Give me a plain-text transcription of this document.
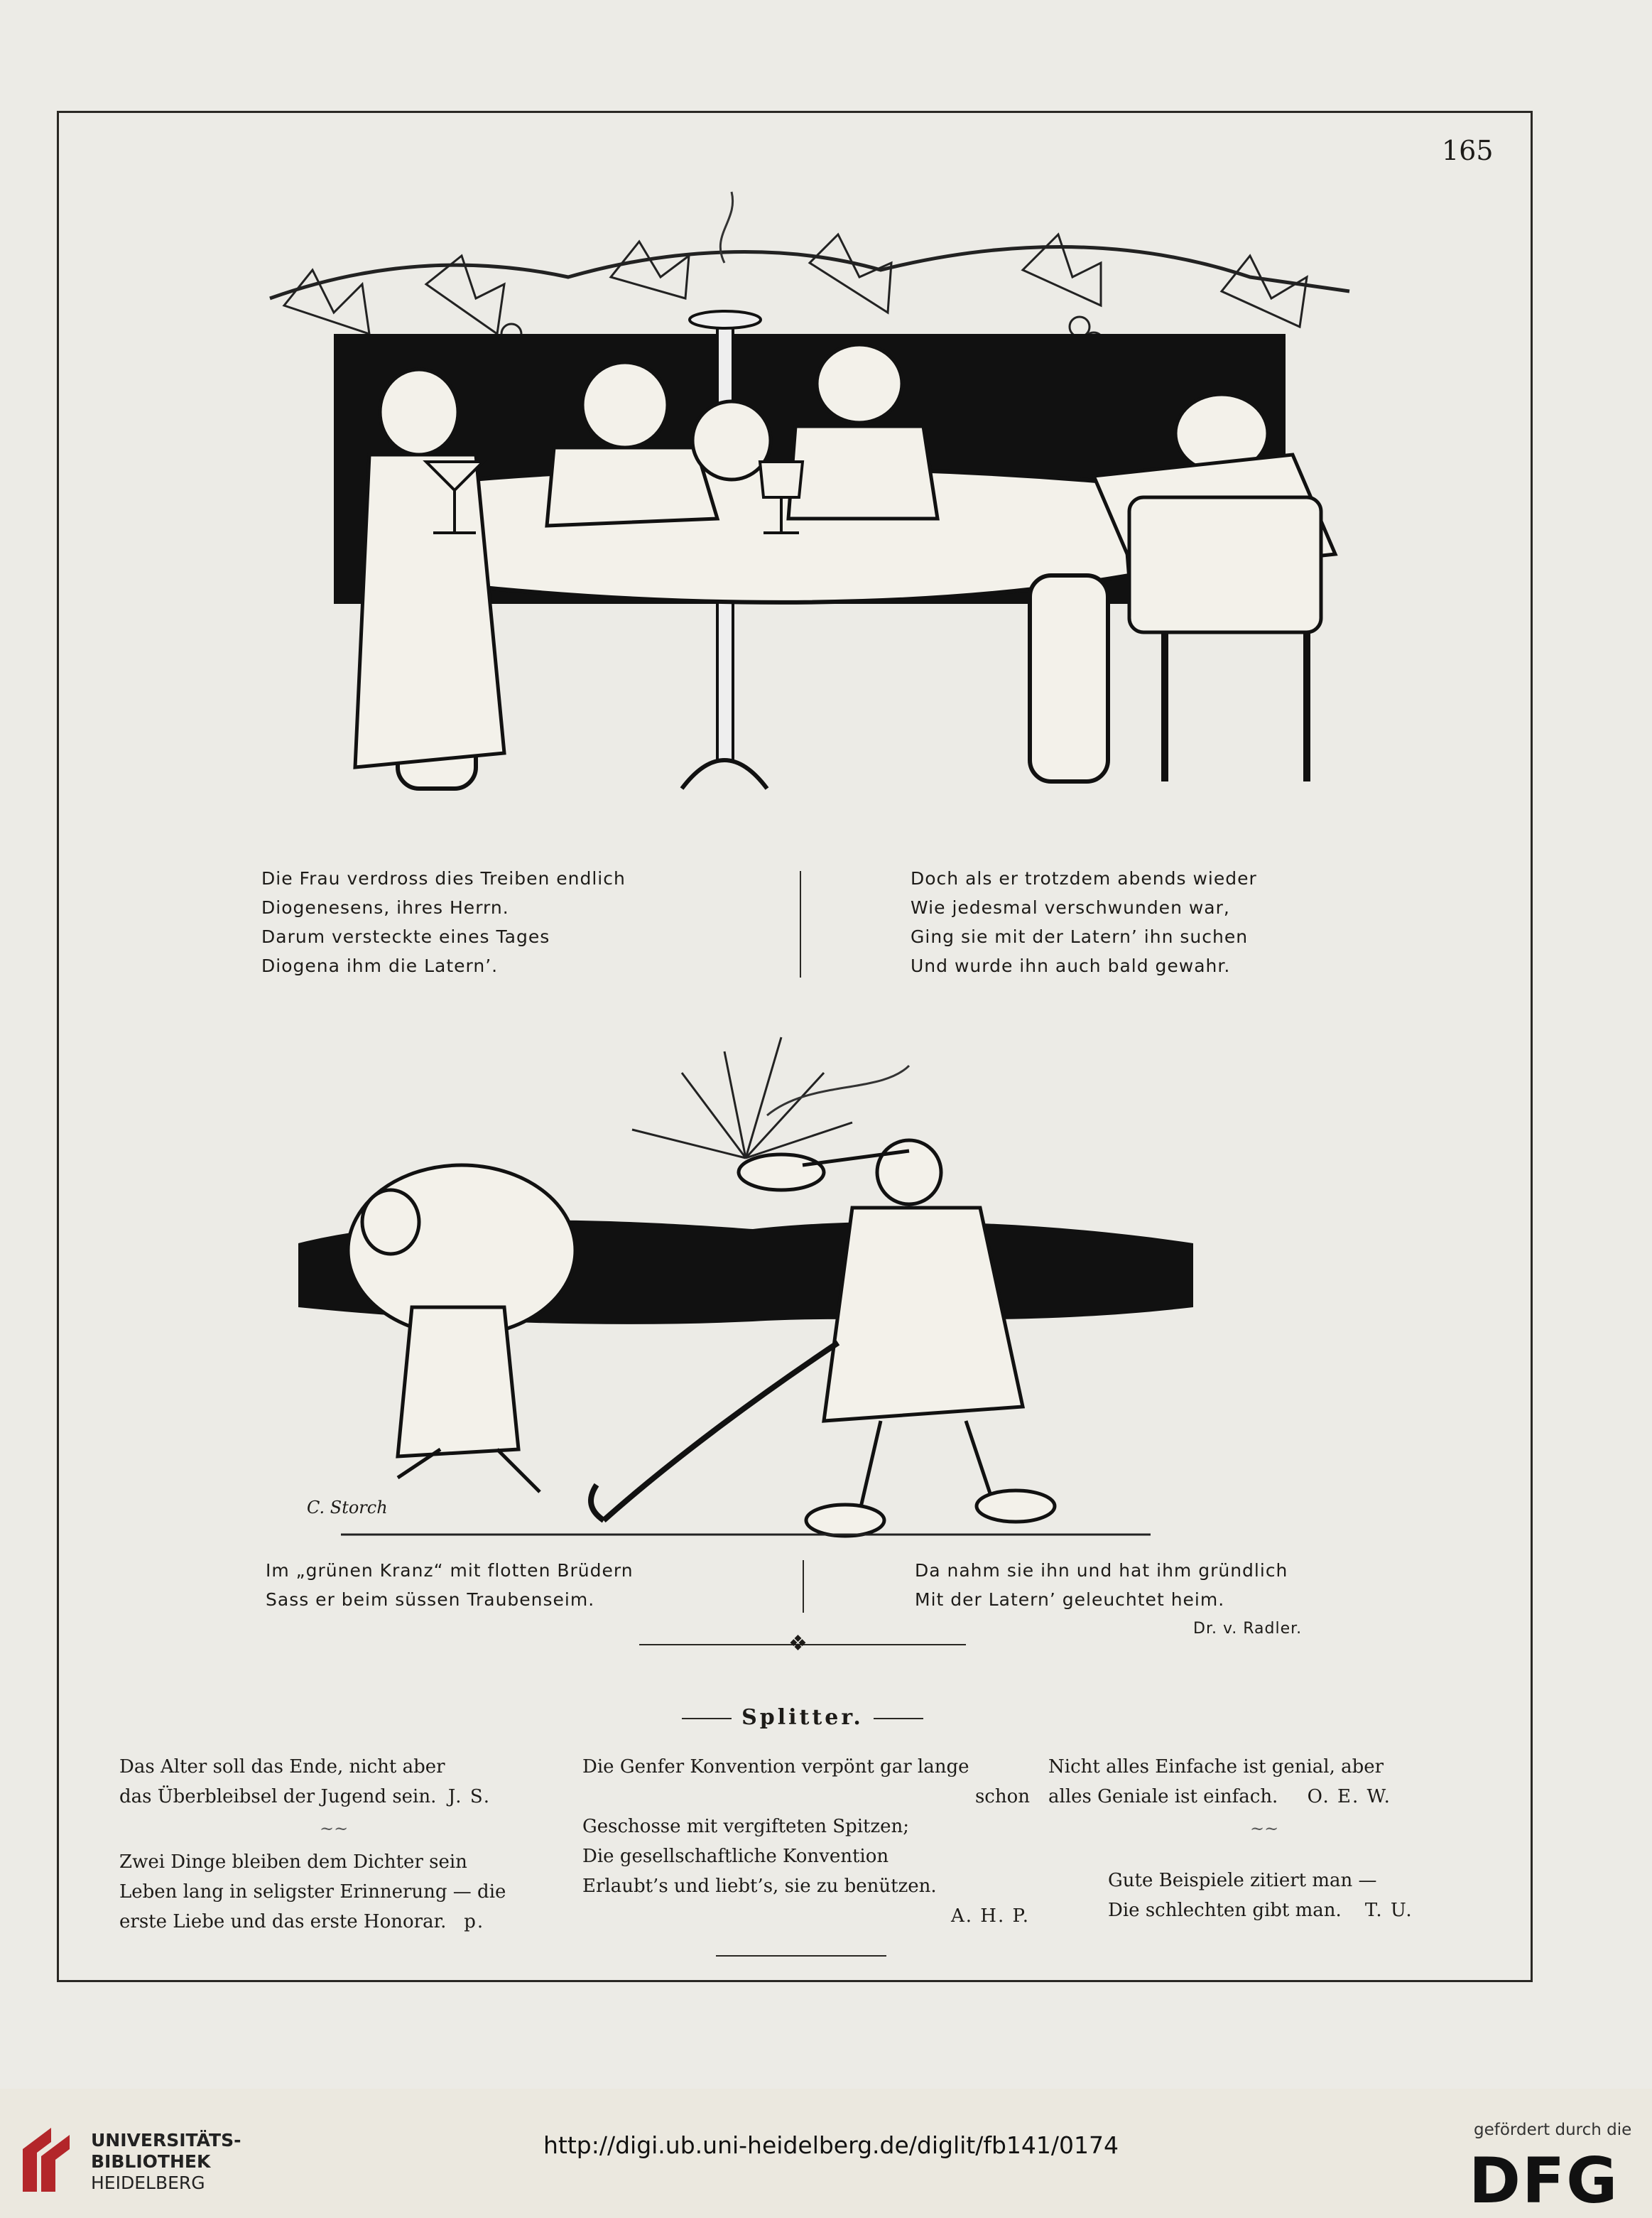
165
Die Frau verdross dies Treiben endlich
Diogenesens, ihres Herrn.
Darum versteckte eines Tages
Diogena ihm die Latern’.
Doch als er trotzdem abends wieder
Wie jedesmal verschwunden war,
Ging sie mit der Latern’ ihn suchen
Und wurde ihn auch bald gewahr.
C. Storch
Im „grünen Kranz“ mit flotten Brüdern
Sass er beim süssen Traubenseim.
Da nahm sie ihn und hat ihm gründlich
Mit der Latern’ geleuchtet heim.
Dr. v. Radler.
❖
Splitter.
Das Alter soll das Ende, nicht aber
das Überbleibsel der Jugend sein. J. S.
~~
Zwei Dinge bleiben dem Dichter sein
Leben lang in seligster Erinnerung — die
erste Liebe und das erste Honorar. p.
Die Genfer Konvention verpönt gar lange
schon
Geschosse mit vergifteten Spitzen;
Die gesellschaftliche Konvention
Erlaubt’s und liebt’s, sie zu benützen.
A. H. P.
Nicht alles Einfache ist genial, aber
alles Geniale ist einfach. O. E. W.
~~
Gute Beispiele zitiert man —
Die schlechten gibt man. T. U.
UNIVERSITÄTS-
BIBLIOTHEK
HEIDELBERG
http://digi.ub.uni-heidelberg.de/diglit/fb141/0174
gefördert durch die
DFG
